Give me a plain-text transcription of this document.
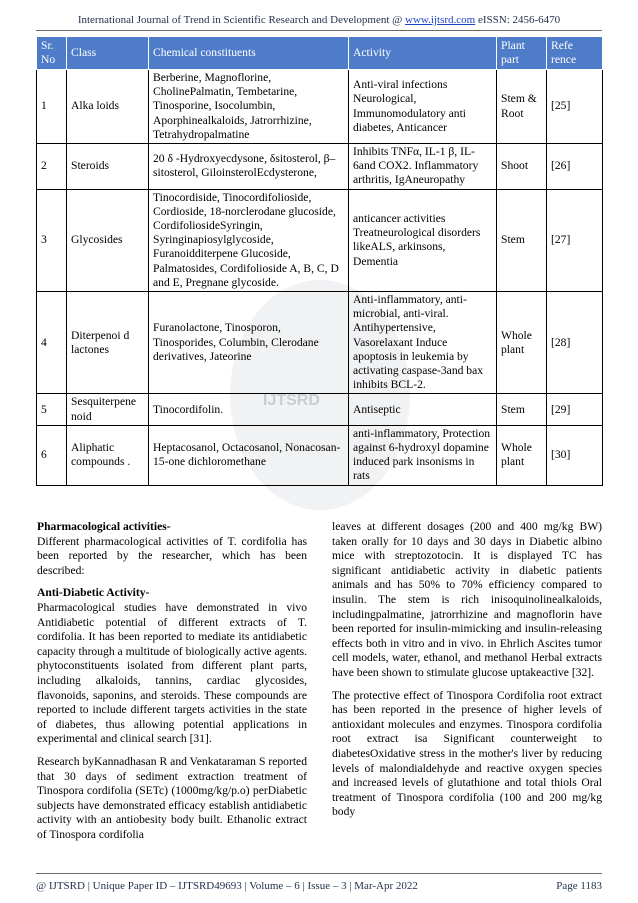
International Journal of Trend in Scientific Research and Development @ www.ijtsrd.com eISSN: 2456-6470
IJTSRD
Sr. No	Class	Chemical constituents	Activity	Plant part	Refe rence
1	Alka loids	Berberine, Magnoflorine, CholinePalmatin, Tembetarine, Tinosporine, Isocolumbin, Aporphinealkaloids, Jatrorrhizine, Tetrahydropalmatine	Anti-viral infections Neurological, Immunomodulatory anti diabetes, Anticancer	Stem & Root	[25]
2	Steroids	20 δ -Hydroxyecdysone, δsitosterol, β–sitosterol, GiloinsterolEcdysterone,	Inhibits TNFα, IL-1 β, IL-6and COX2. Inflammatory arthritis, IgAneuropathy	Shoot	[26]
3	Glycosides	Tinocordiside, Tinocordifolioside, Cordioside, 18-norclerodane glucoside, CordifoliosideSyringin, Syringinapiosylglycoside, Furanoidditerpene Glucoside, Palmatosides, Cordifolioside A, B, C, D and E, Pregnane glycoside.	anticancer activities Treatneurological disorders likeALS, arkinsons, Dementia	Stem	[27]
4	Diterpenoi d lactones	Furanolactone, Tinosporon, Tinosporides, Columbin, Clerodane derivatives, Jateorine	Anti-inflammatory, anti-microbial, anti-viral. Antihypertensive, Vasorelaxant Induce apoptosis in leukemia by activating caspase-3and bax inhibits BCL-2.	Whole plant	[28]
5	Sesquiterpene noid	Tinocordifolin.	Antiseptic	Stem	[29]
6	Aliphatic compounds .	Heptacosanol, Octacosanol, Nonacosan-15-one dichloromethane	anti-inflammatory, Protection against 6-hydroxyl dopamine induced park insonisms in rats	Whole plant	[30]
Pharmacological activities-

Different pharmacological activities of T. cordifolia has been reported by the researcher, which has been described:

Anti-Diabetic Activity-

Pharmacological studies have demonstrated in vivo Antidiabetic potential of different extracts of T. cordifolia. It has been reported to mediate its antidiabetic capacity through a multitude of biologically active agents. phytoconstituents isolated from different plant parts, including alkaloids, tannins, cardiac glycosides, flavonoids, saponins, and steroids. These compounds are reported to include different targets activities in the state of diabetes, thus allowing potential applications in experimental and clinical search [31].

Research byKannadhasan R and Venkataraman S reported that 30 days of sediment extraction treatment of Tinospora cordifolia (SETc) (1000mg/kg/p.o) perDiabetic subjects have demonstrated efficacy establish antidiabetic activity with an antiobesity body built. Ethanolic extract of Tinospora cordifolia

leaves at different dosages (200 and 400 mg/kg BW) taken orally for 10 days and 30 days in Diabetic albino mice with streptozotocin. It is displayed TC has significant antidiabetic activity in diabetic patients animals and has 50% to 70% efficiency compared to insulin. The stem is rich inisoquinolinealkaloids, includingpalmatine, jatrorrhizine and magnoflorin have been reported for insulin-mimicking and insulin-releasing effects both in vitro and in vivo. in Ehrlich Ascites tumor cell models, water, ethanol, and methanol Herbal extracts have been shown to stimulate glucose uptakeactive [32].

The protective effect of Tinospora Cordifolia root extract has been reported in the presence of higher levels of antioxidant molecules and enzymes. Tinospora cordifolia root extract isa Significant counterweight to diabetesOxidative stress in the mother's liver by reducing levels of malondialdehyde and reactive oxygen species and increased levels of glutathione and total thiols Oral treatment of Tinospora cordifolia (100 and 200 mg/kg body

@ IJTSRD | Unique Paper ID – IJTSRD49693 | Volume – 6 | Issue – 3 | Mar-Apr 2022	Page 1183
